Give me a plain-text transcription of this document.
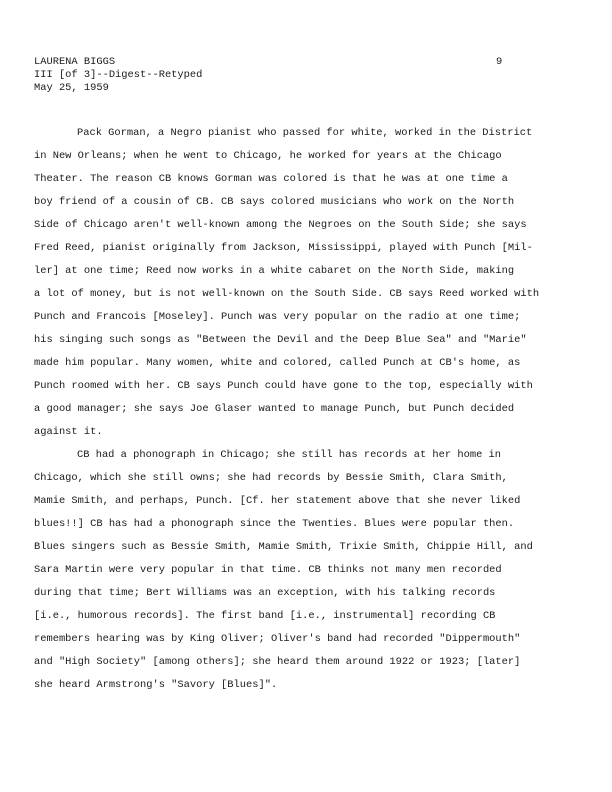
LAURENA BIGGS
III [of 3]--Digest--Retyped
May 25, 1959
9
Pack Gorman, a Negro pianist who passed for white, worked in the District
in New Orleans; when he went to Chicago, he worked for years at the Chicago
Theater. The reason CB knows Gorman was colored is that he was at one time a
boy friend of a cousin of CB. CB says colored musicians who work on the North
Side of Chicago aren't well-known among the Negroes on the South Side; she says
Fred Reed, pianist originally from Jackson, Mississippi, played with Punch [Mil-
ler] at one time; Reed now works in a white cabaret on the North Side, making
a lot of money, but is not well-known on the South Side. CB says Reed worked with
Punch and Francois [Moseley]. Punch was very popular on the radio at one time;
his singing such songs as "Between the Devil and the Deep Blue Sea" and "Marie"
made him popular. Many women, white and colored, called Punch at CB's home, as
Punch roomed with her. CB says Punch could have gone to the top, especially with
a good manager; she says Joe Glaser wanted to manage Punch, but Punch decided
against it.
CB had a phonograph in Chicago; she still has records at her home in
Chicago, which she still owns; she had records by Bessie Smith, Clara Smith,
Mamie Smith, and perhaps, Punch. [Cf. her statement above that she never liked
blues!!] CB has had a phonograph since the Twenties. Blues were popular then.
Blues singers such as Bessie Smith, Mamie Smith, Trixie Smith, Chippie Hill, and
Sara Martin were very popular in that time. CB thinks not many men recorded
during that time; Bert Williams was an exception, with his talking records
[i.e., humorous records]. The first band [i.e., instrumental] recording CB
remembers hearing was by King Oliver; Oliver's band had recorded "Dippermouth"
and "High Society" [among others]; she heard them around 1922 or 1923; [later]
she heard Armstrong's "Savory [Blues]".
